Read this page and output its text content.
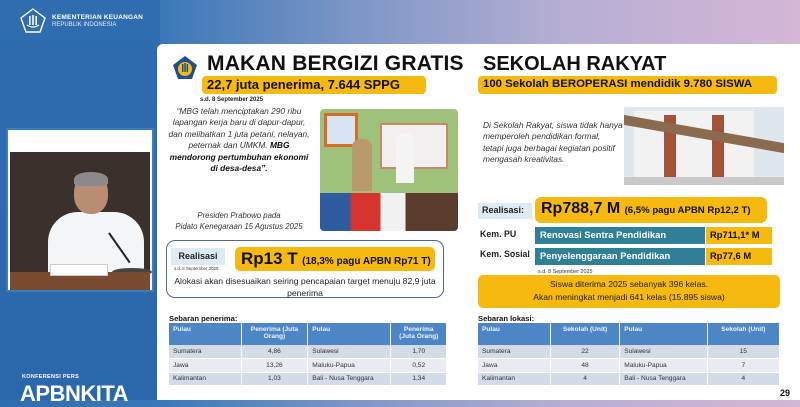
KEMENTERIAN KEUANGAN
REPUBLIK INDONESIA
KONFERENSI PERS
APBNKITA
MAKAN BERGIZI GRATIS
22,7 juta penerima, 7.644 SPPG
s.d. 8 September 2025
“MBG telah menciptakan 290 ribu lapangan kerja baru di dapur-dapur, dan melibatkan 1 juta petani, nelayan, peternak dan UMKM. MBG mendorong pertumbuhan ekonomi di desa-desa”.
Presiden Prabowo pada
Pidato Kenegaraan 15 Agustus 2025
Realisasi
s.d. 8 September 2025
Rp13 T (18,3% pagu APBN Rp71 T)
Alokasi akan disesuaikan seiring pencapaian target menuju 82,9 juta penerima
Sebaran penerima:
Pulau	Penerima (Juta Orang)	Pulau	Penerima (Juta Orang)
Sumatera	4,86	Sulawesi	1,70
Jawa	13,26	Maluku-Papua	0,52
Kalimantan	1,03	Bali - Nusa Tenggara	1,34
SEKOLAH RAKYAT
100 Sekolah BEROPERASI mendidik 9.780 SISWA
Di Sekolah Rakyat, siswa tidak hanya memperoleh pendidikan formal, tetapi juga berbagai kegiatan positif mengasah kreativitas.
Realisasi:	Rp788,7 M (6,5% pagu APBN Rp12,2 T)
Kem. PU	Renovasi Sentra Pendidikan	Rp711,1* M
Kem. Sosial	Penyelenggaraan Pendidikan	Rp77,6 M
s.d. 8 September 2025
Siswa diterima 2025 sebanyak 396 kelas.
Akan meningkat menjadi 641 kelas (15.895 siswa)
Sebaran lokasi:
Pulau	Sekolah (Unit)	Pulau	Sekolah (Unit)
Sumatera	22	Sulawesi	15
Jawa	48	Maluku-Papua	7
Kalimantan	4	Bali - Nusa Tenggara	4
29
